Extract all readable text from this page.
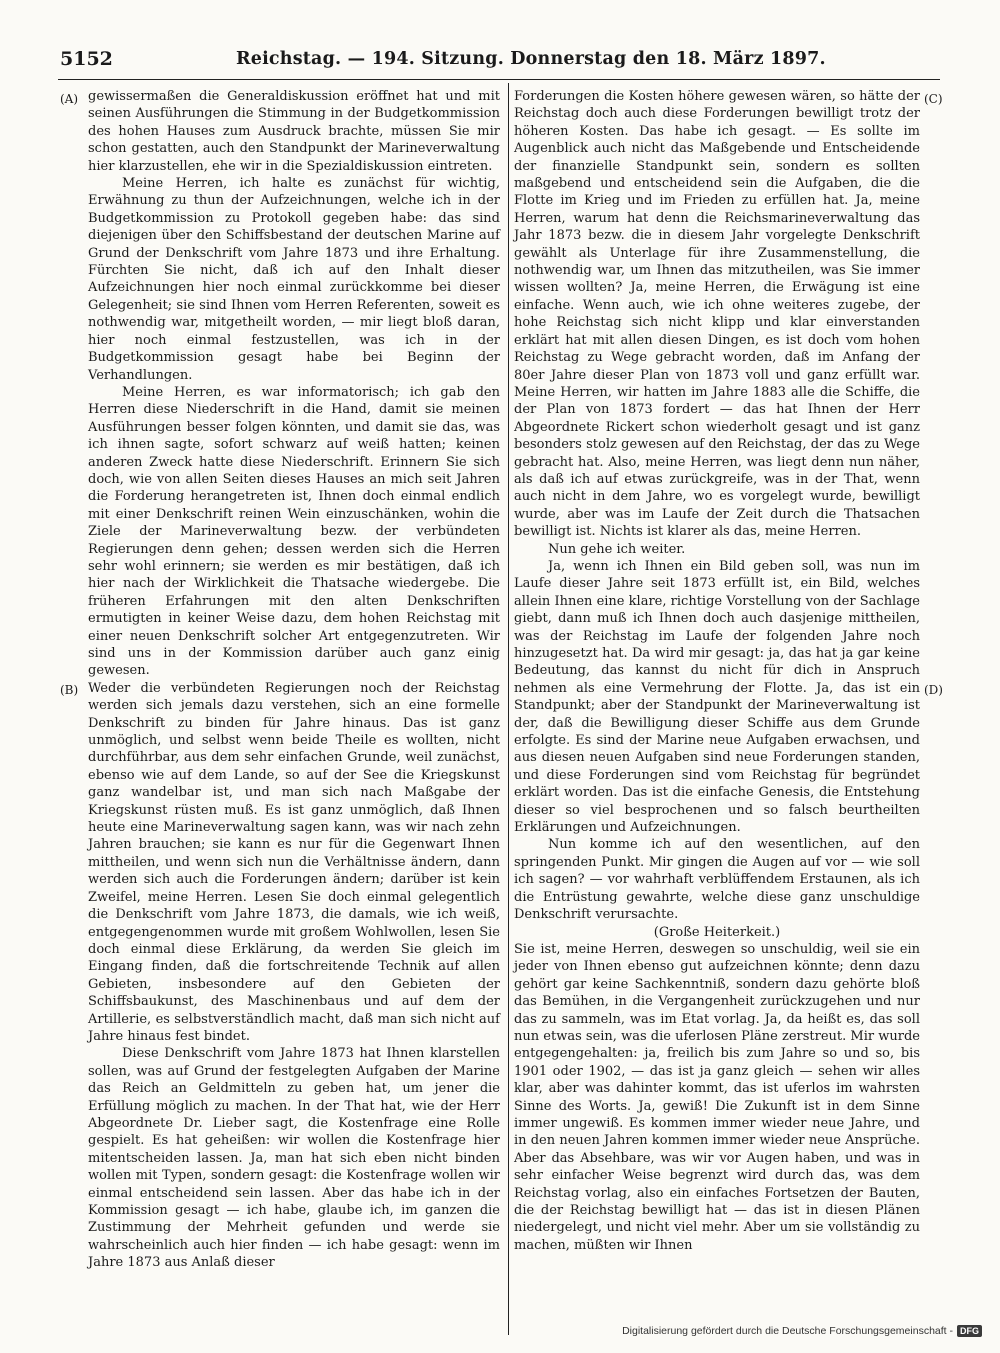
5152	Reichstag. — 194. Sitzung. Donnerstag den 18. März 1897.
(A)
(B)
(C)
(D)

gewissermaßen die Generaldiskussion eröffnet hat und mit seinen Ausführungen die Stimmung in der Budgetkommission des hohen Hauses zum Ausdruck brachte, müssen Sie mir schon gestatten, auch den Standpunkt der Marineverwaltung hier klarzustellen, ehe wir in die Spezialdiskussion eintreten.

Meine Herren, ich halte es zunächst für wichtig, Erwähnung zu thun der Aufzeichnungen, welche ich in der Budgetkommission zu Protokoll gegeben habe: das sind diejenigen über den Schiffsbestand der deutschen Marine auf Grund der Denkschrift vom Jahre 1873 und ihre Erhaltung. Fürchten Sie nicht, daß ich auf den Inhalt dieser Aufzeichnungen hier noch einmal zurückkomme bei dieser Gelegenheit; sie sind Ihnen vom Herren Referenten, soweit es nothwendig war, mitgetheilt worden, — mir liegt bloß daran, hier noch einmal festzustellen, was ich in der Budgetkommission gesagt habe bei Beginn der Verhandlungen.

Meine Herren, es war informatorisch; ich gab den Herren diese Niederschrift in die Hand, damit sie meinen Ausführungen besser folgen könnten, und damit sie das, was ich ihnen sagte, sofort schwarz auf weiß hatten; keinen anderen Zweck hatte diese Niederschrift. Erinnern Sie sich doch, wie von allen Seiten dieses Hauses an mich seit Jahren die Forderung herangetreten ist, Ihnen doch einmal endlich mit einer Denkschrift reinen Wein einzuschänken, wohin die Ziele der Marineverwaltung bezw. der verbündeten Regierungen denn gehen; dessen werden sich die Herren sehr wohl erinnern; sie werden es mir bestätigen, daß ich hier nach der Wirklichkeit die Thatsache wiedergebe. Die früheren Erfahrungen mit den alten Denkschriften ermutigten in keiner Weise dazu, dem hohen Reichstag mit einer neuen Denkschrift solcher Art entgegenzutreten. Wir sind uns in der Kommission darüber auch ganz einig gewesen.

Weder die verbündeten Regierungen noch der Reichstag werden sich jemals dazu verstehen, sich an eine formelle Denkschrift zu binden für Jahre hinaus. Das ist ganz unmöglich, und selbst wenn beide Theile es wollten, nicht durchführbar, aus dem sehr einfachen Grunde, weil zunächst, ebenso wie auf dem Lande, so auf der See die Kriegskunst ganz wandelbar ist, und man sich nach Maßgabe der Kriegskunst rüsten muß. Es ist ganz unmöglich, daß Ihnen heute eine Marineverwaltung sagen kann, was wir nach zehn Jahren brauchen; sie kann es nur für die Gegenwart Ihnen mittheilen, und wenn sich nun die Verhältnisse ändern, dann werden sich auch die Forderungen ändern; darüber ist kein Zweifel, meine Herren. Lesen Sie doch einmal gelegentlich die Denkschrift vom Jahre 1873, die damals, wie ich weiß, entgegengenommen wurde mit großem Wohlwollen, lesen Sie doch einmal diese Erklärung, da werden Sie gleich im Eingang finden, daß die fortschreitende Technik auf allen Gebieten, insbesondere auf den Gebieten der Schiffsbaukunst, des Maschinenbaus und auf dem der Artillerie, es selbstverständlich macht, daß man sich nicht auf Jahre hinaus fest bindet.

Diese Denkschrift vom Jahre 1873 hat Ihnen klarstellen sollen, was auf Grund der festgelegten Aufgaben der Marine das Reich an Geldmitteln zu geben hat, um jener die Erfüllung möglich zu machen. In der That hat, wie der Herr Abgeordnete Dr. Lieber sagt, die Kostenfrage eine Rolle gespielt. Es hat geheißen: wir wollen die Kostenfrage hier mitentscheiden lassen. Ja, man hat sich eben nicht binden wollen mit Typen, sondern gesagt: die Kostenfrage wollen wir einmal entscheidend sein lassen. Aber das habe ich in der Kommission gesagt — ich habe, glaube ich, im ganzen die Zustimmung der Mehrheit gefunden und werde sie wahrscheinlich auch hier finden — ich habe gesagt: wenn im Jahre 1873 aus Anlaß dieser

Forderungen die Kosten höhere gewesen wären, so hätte der Reichstag doch auch diese Forderungen bewilligt trotz der höheren Kosten. Das habe ich gesagt. — Es sollte im Augenblick auch nicht das Maßgebende und Entscheidende der finanzielle Standpunkt sein, sondern es sollten maßgebend und entscheidend sein die Aufgaben, die die Flotte im Krieg und im Frieden zu erfüllen hat. Ja, meine Herren, warum hat denn die Reichsmarineverwaltung das Jahr 1873 bezw. die in diesem Jahr vorgelegte Denkschrift gewählt als Unterlage für ihre Zusammenstellung, die nothwendig war, um Ihnen das mitzutheilen, was Sie immer wissen wollten? Ja, meine Herren, die Erwägung ist eine einfache. Wenn auch, wie ich ohne weiteres zugebe, der hohe Reichstag sich nicht klipp und klar einverstanden erklärt hat mit allen diesen Dingen, es ist doch vom hohen Reichstag zu Wege gebracht worden, daß im Anfang der 80er Jahre dieser Plan von 1873 voll und ganz erfüllt war. Meine Herren, wir hatten im Jahre 1883 alle die Schiffe, die der Plan von 1873 fordert — das hat Ihnen der Herr Abgeordnete Rickert schon wiederholt gesagt und ist ganz besonders stolz gewesen auf den Reichstag, der das zu Wege gebracht hat. Also, meine Herren, was liegt denn nun näher, als daß ich auf etwas zurückgreife, was in der That, wenn auch nicht in dem Jahre, wo es vorgelegt wurde, bewilligt wurde, aber was im Laufe der Zeit durch die Thatsachen bewilligt ist. Nichts ist klarer als das, meine Herren.

Nun gehe ich weiter.

Ja, wenn ich Ihnen ein Bild geben soll, was nun im Laufe dieser Jahre seit 1873 erfüllt ist, ein Bild, welches allein Ihnen eine klare, richtige Vorstellung von der Sachlage giebt, dann muß ich Ihnen doch auch dasjenige mittheilen, was der Reichstag im Laufe der folgenden Jahre noch hinzugesetzt hat. Da wird mir gesagt: ja, das hat ja gar keine Bedeutung, das kannst du nicht für dich in Anspruch nehmen als eine Vermehrung der Flotte. Ja, das ist ein Standpunkt; aber der Standpunkt der Marineverwaltung ist der, daß die Bewilligung dieser Schiffe aus dem Grunde erfolgte. Es sind der Marine neue Aufgaben erwachsen, und aus diesen neuen Aufgaben sind neue Forderungen standen, und diese Forderungen sind vom Reichstag für begründet erklärt worden. Das ist die einfache Genesis, die Entstehung dieser so viel besprochenen und so falsch beurtheilten Erklärungen und Aufzeichnungen.

Nun komme ich auf den wesentlichen, auf den springenden Punkt. Mir gingen die Augen auf vor — wie soll ich sagen? — vor wahrhaft verblüffendem Erstaunen, als ich die Entrüstung gewahrte, welche diese ganz unschuldige Denkschrift verursachte.

(Große Heiterkeit.)

Sie ist, meine Herren, deswegen so unschuldig, weil sie ein jeder von Ihnen ebenso gut aufzeichnen könnte; denn dazu gehört gar keine Sachkenntniß, sondern dazu gehörte bloß das Bemühen, in die Vergangenheit zurückzugehen und nur das zu sammeln, was im Etat vorlag. Ja, da heißt es, das soll nun etwas sein, was die uferlosen Pläne zerstreut. Mir wurde entgegengehalten: ja, freilich bis zum Jahre so und so, bis 1901 oder 1902, — das ist ja ganz gleich — sehen wir alles klar, aber was dahinter kommt, das ist uferlos im wahrsten Sinne des Worts. Ja, gewiß! Die Zukunft ist in dem Sinne immer ungewiß. Es kommen immer wieder neue Jahre, und in den neuen Jahren kommen immer wieder neue Ansprüche. Aber das Absehbare, was wir vor Augen haben, und was in sehr einfacher Weise begrenzt wird durch das, was dem Reichstag vorlag, also ein einfaches Fortsetzen der Bauten, die der Reichstag bewilligt hat — das ist in diesen Plänen niedergelegt, und nicht viel mehr. Aber um sie vollständig zu machen, müßten wir Ihnen

Digitalisierung gefördert durch die Deutsche Forschungsgemeinschaft - DFG
